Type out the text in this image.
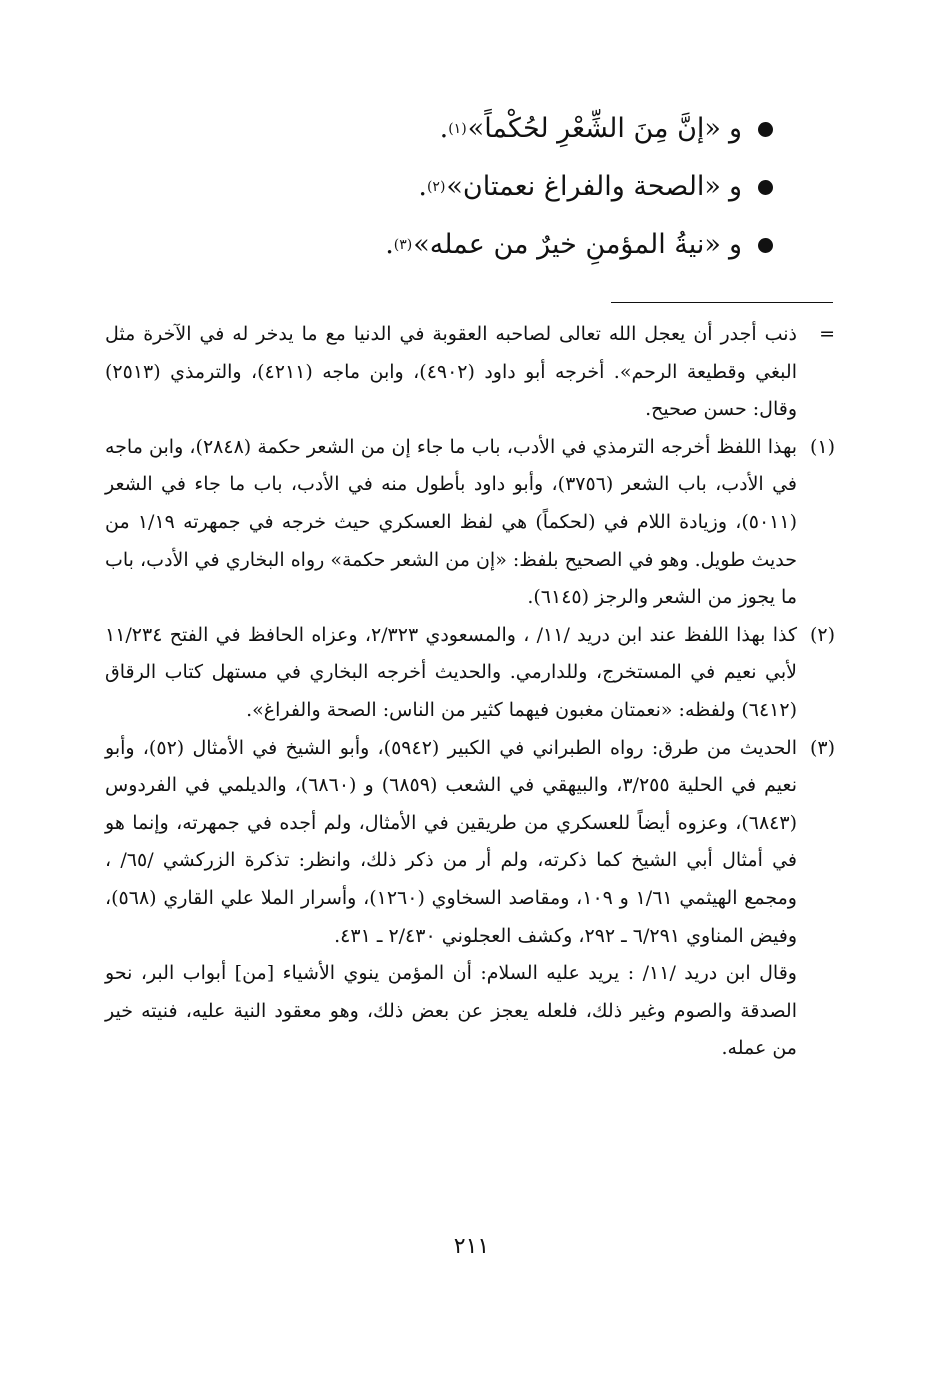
و
«إنَّ مِنَ الشِّعْرِ لحُكْماً»
(١)
.
و
«الصحة والفراغ نعمتان»
(٢)
.
و
«نيةُ المؤمنِ خيرٌ من عمله»
(٣)
.
=
ذنب أجدر أن يعجل الله تعالى لصاحبه العقوبة في الدنيا مع ما يدخر له في الآخرة مثل البغي وقطيعة الرحم». أخرجه أبو داود (٤٩٠٢)، وابن ماجه (٤٢١١)، والترمذي (٢٥١٣) وقال: حسن صحيح.
(١)
بهذا اللفظ أخرجه الترمذي في الأدب، باب ما جاء إن من الشعر حكمة (٢٨٤٨)، وابن ماجه في الأدب، باب الشعر (٣٧٥٦)، وأبو داود بأطول منه في الأدب، باب ما جاء في الشعر (٥٠١١)، وزيادة اللام في (لحكماً) هي لفظ العسكري حيث خرجه في جمهرته ١/١٩ من حديث طويل. وهو في الصحيح بلفظ: «إن من الشعر حكمة» رواه البخاري في الأدب، باب ما يجوز من الشعر والرجز (٦١٤٥).
(٢)
كذا بهذا اللفظ عند ابن دريد /١١/ ، والمسعودي ٢/٣٢٣، وعزاه الحافظ في الفتح ١١/٢٣٤ لأبي نعيم في المستخرج، وللدارمي. والحديث أخرجه البخاري في مستهل كتاب الرقاق (٦٤١٢) ولفظه: «نعمتان مغبون فيهما كثير من الناس: الصحة والفراغ».
(٣)

الحديث من طرق: رواه الطبراني في الكبير (٥٩٤٢)، وأبو الشيخ في الأمثال (٥٢)، وأبو نعيم في الحلية ٣/٢٥٥، والبيهقي في الشعب (٦٨٥٩) و (٦٨٦٠)، والديلمي في الفردوس (٦٨٤٣)، وعزوه أيضاً للعسكري من طريقين في الأمثال، ولم أجده في جمهرته، وإنما هو في أمثال أبي الشيخ كما ذكرته، ولم أر من ذكر ذلك، وانظر: تذكرة الزركشي /٦٥/ ، ومجمع الهيثمي ١/٦١ و ١٠٩، ومقاصد السخاوي (١٢٦٠)، وأسرار الملا علي القاري (٥٦٨)، وفيض المناوي ٦/٢٩١ ـ ٢٩٢، وكشف العجلوني ٢/٤٣٠ ـ ٤٣١.

وقال ابن دريد /١١/ : يريد عليه السلام: أن المؤمن ينوي الأشياء [من] أبواب البر، نحو الصدقة والصوم وغير ذلك، فلعله يعجز عن بعض ذلك، وهو معقود النية عليه، فنيته خير من عمله.

٢١١
